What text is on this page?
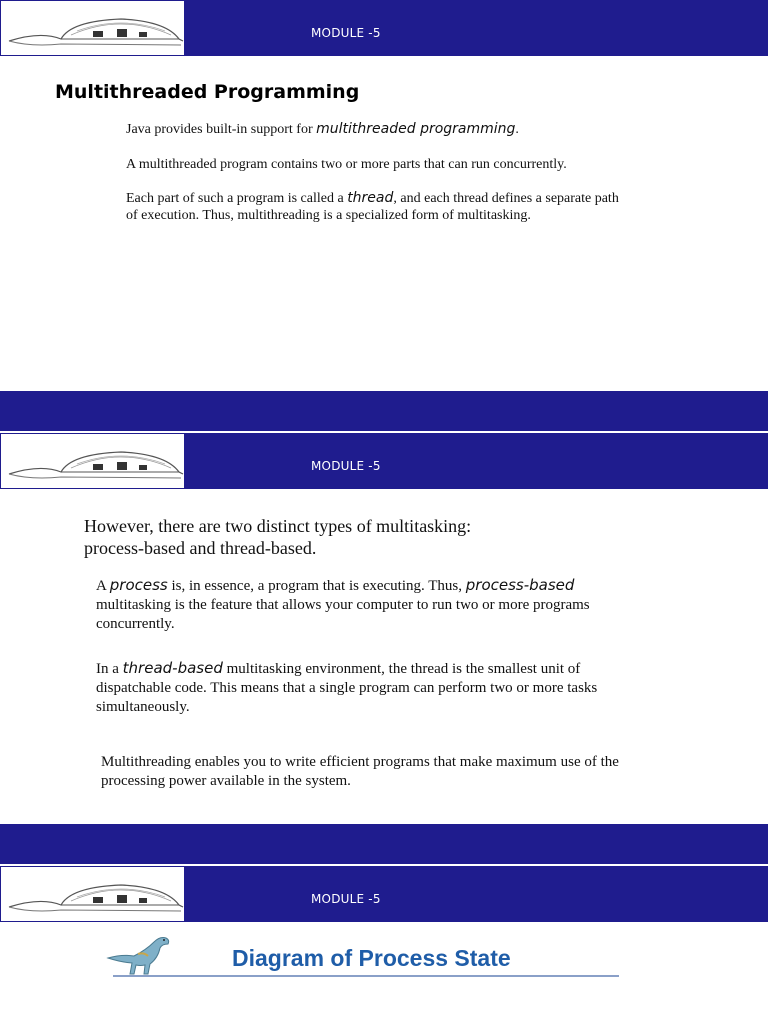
MODULE -5
Multithreaded Programming
Java provides built-in support for multithreaded programming.
A multithreaded program contains two or more parts that can run concurrently.
Each part of such a program is called a thread, and each thread defines a separate path
of execution. Thus, multithreading is a specialized form of multitasking.
MODULE -5
However, there are two distinct types of multitasking:
process-based and thread-based.
A process is, in essence, a program that is executing. Thus, process-based
multitasking is the feature that allows your computer to run two or more programs
concurrently.
In a thread-based multitasking environment, the thread is the smallest unit of
dispatchable code. This means that a single program can perform two or more tasks
simultaneously.
Multithreading enables you to write efficient programs that make maximum use of the
processing power available in the system.
MODULE -5
Diagram of Process State
